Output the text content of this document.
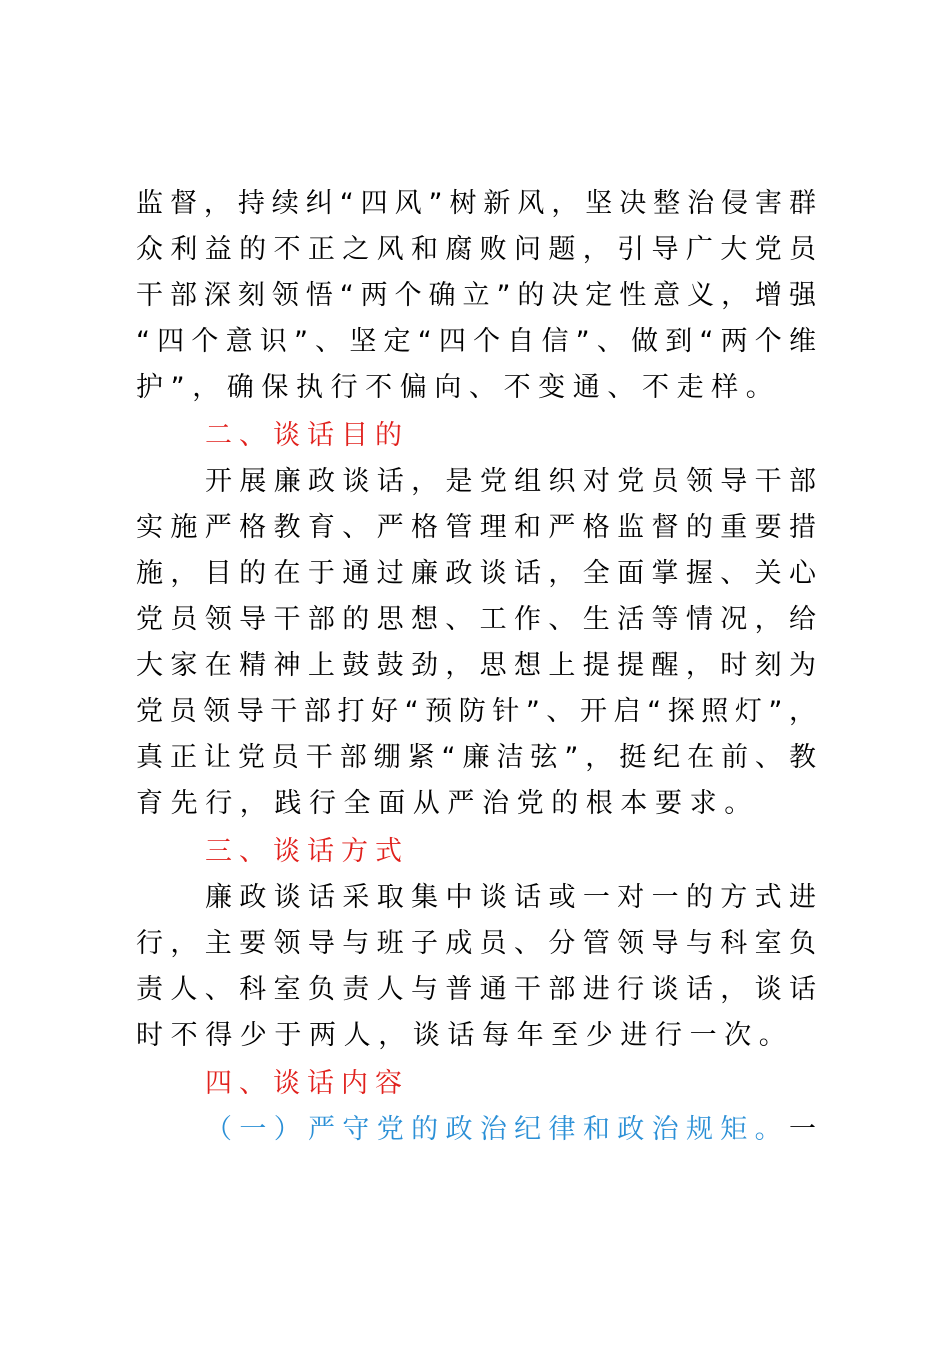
监督，持续纠“四风”树新风，坚决整治侵害群
众利益的不正之风和腐败问题，引导广大党员
干部深刻领悟“两个确立”的决定性意义，增强
“四个意识”、坚定“四个自信”、做到“两个维
护”，确保执行不偏向、不变通、不走样。
二、谈话目的
开展廉政谈话，是党组织对党员领导干部
实施严格教育、严格管理和严格监督的重要措
施，目的在于通过廉政谈话，全面掌握、关心
党员领导干部的思想、工作、生活等情况，给
大家在精神上鼓鼓劲，思想上提提醒，时刻为
党员领导干部打好“预防针”、开启“探照灯”，
真正让党员干部绷紧“廉洁弦”，挺纪在前、教
育先行，践行全面从严治党的根本要求。
三、谈话方式
廉政谈话采取集中谈话或一对一的方式进
行，主要领导与班子成员、分管领导与科室负
责人、科室负责人与普通干部进行谈话，谈话
时不得少于两人，谈话每年至少进行一次。
四、谈话内容
（一）严守党的政治纪律和政治规矩。一
